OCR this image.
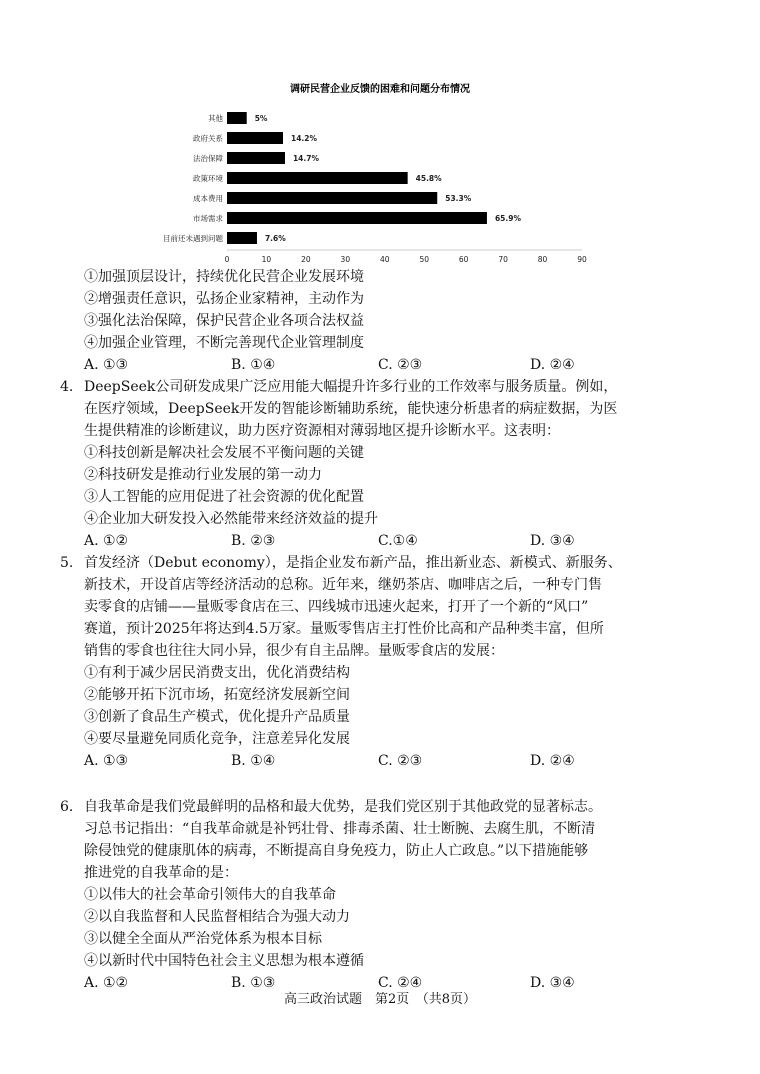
调研民营企业反馈的困难和问题分布情况
其他	5%
政府关系	14.2%
法治保障	14.7%
政策环境	45.8%
成本费用	53.3%
市场需求	65.9%
目前还未遇到问题	7.6%
0	10	20	30	40	50	60	70	80	90
①加强顶层设计，持续优化民营企业发展环境
②增强责任意识，弘扬企业家精神，主动作为
③强化法治保障，保护民营企业各项合法权益
④加强企业管理，不断完善现代企业管理制度
A. ①③	B. ①④	C. ②③	D. ②④
4. DeepSeek公司研发成果广泛应用能大幅提升许多行业的工作效率与服务质量。例如，
在医疗领域，DeepSeek开发的智能诊断辅助系统，能快速分析患者的病症数据，为医
生提供精准的诊断建议，助力医疗资源相对薄弱地区提升诊断水平。这表明：
①科技创新是解决社会发展不平衡问题的关键
②科技研发是推动行业发展的第一动力
③人工智能的应用促进了社会资源的优化配置
④企业加大研发投入必然能带来经济效益的提升
A. ①②	B. ②③	C.①④	D. ③④
5. 首发经济（Debut economy），是指企业发布新产品，推出新业态、新模式、新服务、
新技术，开设首店等经济活动的总称。近年来，继奶茶店、咖啡店之后，一种专门售
卖零食的店铺——量贩零食店在三、四线城市迅速火起来，打开了一个新的“风口”
赛道，预计2025年将达到4.5万家。量贩零售店主打性价比高和产品种类丰富，但所
销售的零食也往往大同小异，很少有自主品牌。量贩零食店的发展：
①有利于减少居民消费支出，优化消费结构
②能够开拓下沉市场，拓宽经济发展新空间
③创新了食品生产模式，优化提升产品质量
④要尽量避免同质化竞争，注意差异化发展
A. ①③	B. ①④	C. ②③	D. ②④
6. 自我革命是我们党最鲜明的品格和最大优势，是我们党区别于其他政党的显著标志。
习总书记指出：“自我革命就是补钙壮骨、排毒杀菌、壮士断腕、去腐生肌，不断清
除侵蚀党的健康肌体的病毒，不断提高自身免疫力，防止人亡政息。”以下措施能够
推进党的自我革命的是：
①以伟大的社会革命引领伟大的自我革命
②以自我监督和人民监督相结合为强大动力
③以健全全面从严治党体系为根本目标
④以新时代中国特色社会主义思想为根本遵循
A. ①②	B. ①③	C. ②④	D. ③④
高三政治试题　第2页　（共8页）
